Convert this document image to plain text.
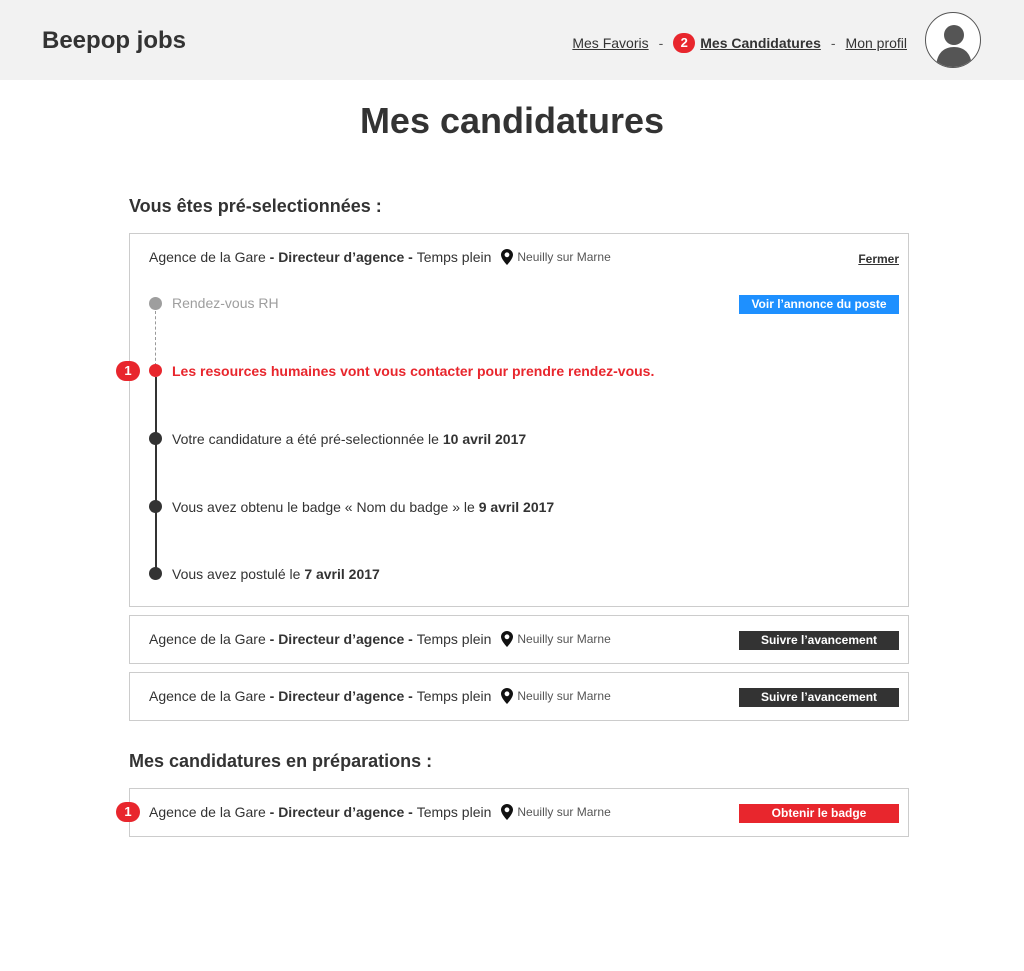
Beepop jobs	Mes Favoris -	2 Mes Candidatures - Mon profil
Mes candidatures
Vous êtes pré-selectionnées :
Agence de la Gare
- Directeur d’agence -
Temps plein Neuilly sur Marne	Fermer
Voir l’annonce du poste
Rendez-vous RH
1	Les resources humaines vont vous contacter pour prendre rendez-vous.
Votre candidature a été pré-selectionnée le 10 avril 2017
Vous avez obtenu le badge « Nom du badge » le 9 avril 2017
Vous avez postulé le 7 avril 2017
Agence de la Gare
- Directeur d’agence -
Temps plein Neuilly sur Marne	Suivre l’avancement
Agence de la Gare
- Directeur d’agence -
Temps plein Neuilly sur Marne	Suivre l’avancement
Mes candidatures en préparations :
1	Agence de la Gare
- Directeur d’agence -
Temps plein Neuilly sur Marne	Obtenir le badge
